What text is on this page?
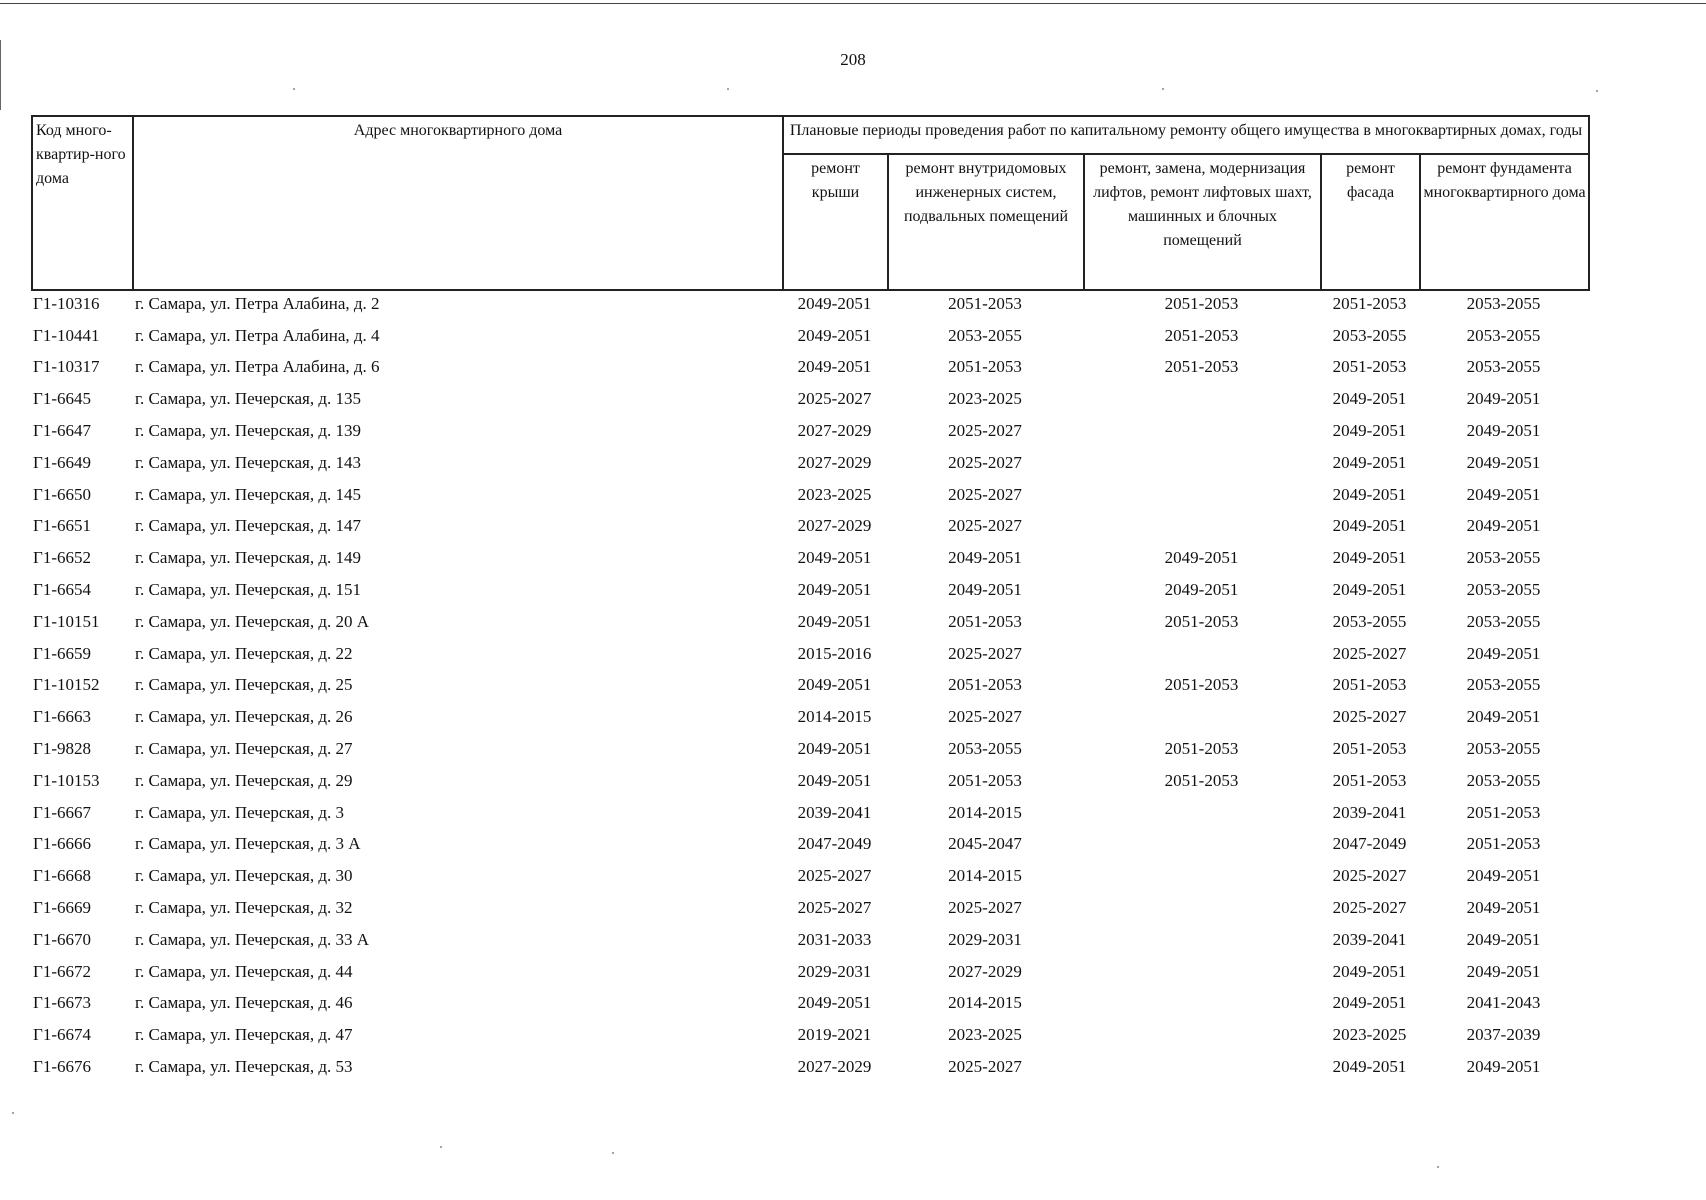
208
Код много-квартир-ного дома	Адрес многоквартирного дома	Плановые периоды проведения работ по капитальному ремонту общего имущества в многоквартирных домах, годы				
		ремонт крыши	ремонт внутридомовых инженерных систем, подвальных помещений	ремонт, замена, модернизация лифтов, ремонт лифтовых шахт, машинных и блочных помещений	ремонт фасада	ремонт фундамента многоквартирного дома
Г1-10316	г. Самара, ул. Петра Алабина, д. 2	2049-2051	2051-2053	2051-2053	2051-2053	2053-2055
Г1-10441	г. Самара, ул. Петра Алабина, д. 4	2049-2051	2053-2055	2051-2053	2053-2055	2053-2055
Г1-10317	г. Самара, ул. Петра Алабина, д. 6	2049-2051	2051-2053	2051-2053	2051-2053	2053-2055
Г1-6645	г. Самара, ул. Печерская, д. 135	2025-2027	2023-2025		2049-2051	2049-2051
Г1-6647	г. Самара, ул. Печерская, д. 139	2027-2029	2025-2027		2049-2051	2049-2051
Г1-6649	г. Самара, ул. Печерская, д. 143	2027-2029	2025-2027		2049-2051	2049-2051
Г1-6650	г. Самара, ул. Печерская, д. 145	2023-2025	2025-2027		2049-2051	2049-2051
Г1-6651	г. Самара, ул. Печерская, д. 147	2027-2029	2025-2027		2049-2051	2049-2051
Г1-6652	г. Самара, ул. Печерская, д. 149	2049-2051	2049-2051	2049-2051	2049-2051	2053-2055
Г1-6654	г. Самара, ул. Печерская, д. 151	2049-2051	2049-2051	2049-2051	2049-2051	2053-2055
Г1-10151	г. Самара, ул. Печерская, д. 20 А	2049-2051	2051-2053	2051-2053	2053-2055	2053-2055
Г1-6659	г. Самара, ул. Печерская, д. 22	2015-2016	2025-2027		2025-2027	2049-2051
Г1-10152	г. Самара, ул. Печерская, д. 25	2049-2051	2051-2053	2051-2053	2051-2053	2053-2055
Г1-6663	г. Самара, ул. Печерская, д. 26	2014-2015	2025-2027		2025-2027	2049-2051
Г1-9828	г. Самара, ул. Печерская, д. 27	2049-2051	2053-2055	2051-2053	2051-2053	2053-2055
Г1-10153	г. Самара, ул. Печерская, д. 29	2049-2051	2051-2053	2051-2053	2051-2053	2053-2055
Г1-6667	г. Самара, ул. Печерская, д. 3	2039-2041	2014-2015		2039-2041	2051-2053
Г1-6666	г. Самара, ул. Печерская, д. 3 А	2047-2049	2045-2047		2047-2049	2051-2053
Г1-6668	г. Самара, ул. Печерская, д. 30	2025-2027	2014-2015		2025-2027	2049-2051
Г1-6669	г. Самара, ул. Печерская, д. 32	2025-2027	2025-2027		2025-2027	2049-2051
Г1-6670	г. Самара, ул. Печерская, д. 33 А	2031-2033	2029-2031		2039-2041	2049-2051
Г1-6672	г. Самара, ул. Печерская, д. 44	2029-2031	2027-2029		2049-2051	2049-2051
Г1-6673	г. Самара, ул. Печерская, д. 46	2049-2051	2014-2015		2049-2051	2041-2043
Г1-6674	г. Самара, ул. Печерская, д. 47	2019-2021	2023-2025		2023-2025	2037-2039
Г1-6676	г. Самара, ул. Печерская, д. 53	2027-2029	2025-2027		2049-2051	2049-2051
